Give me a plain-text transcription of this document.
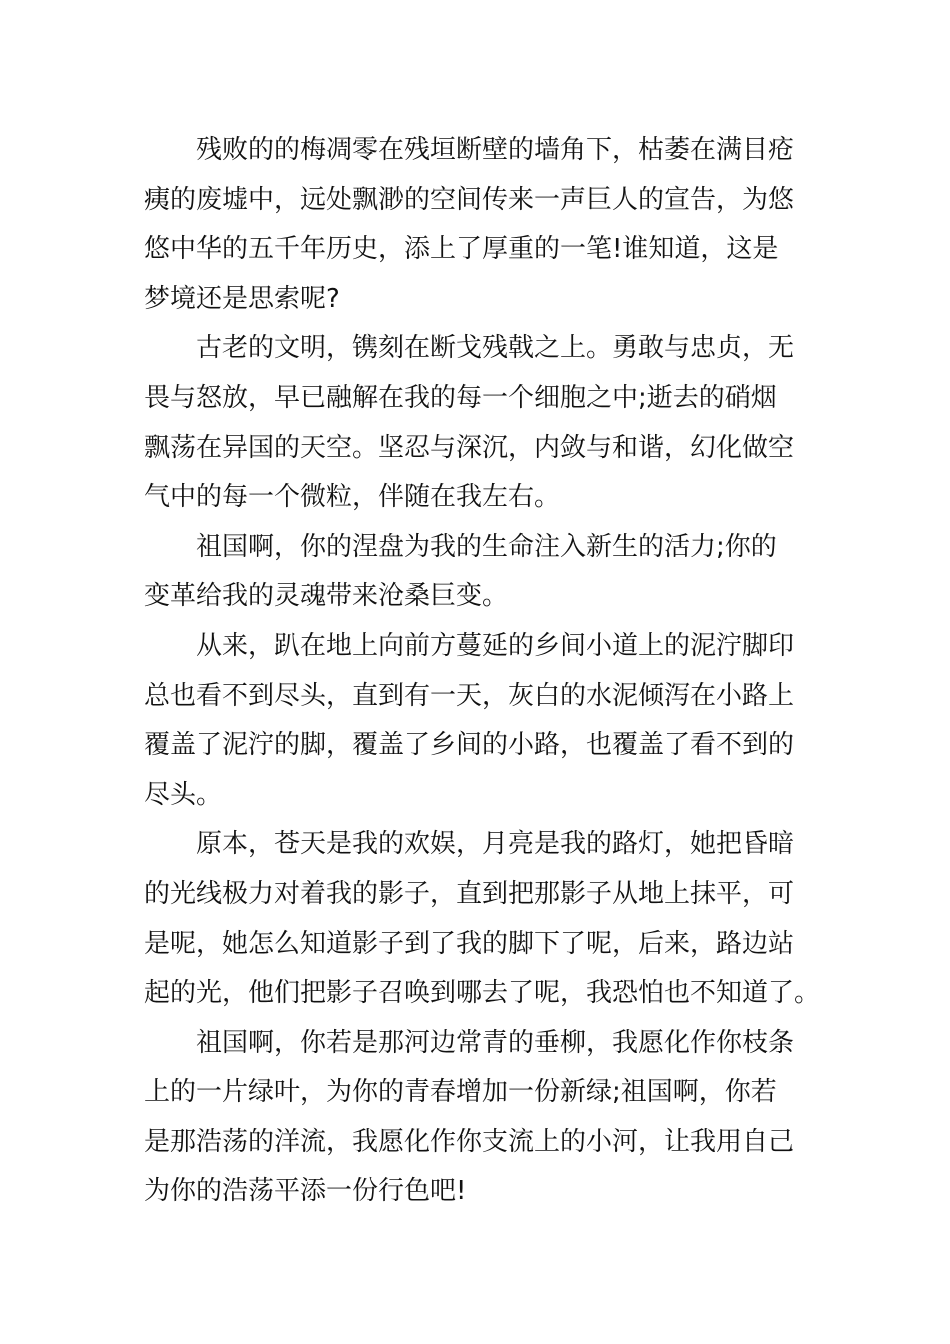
残败的的梅凋零在残垣断壁的墙角下，枯萎在满目疮
痍的废墟中，远处飘渺的空间传来一声巨人的宣告，为悠
悠中华的五千年历史，添上了厚重的一笔!谁知道，这是
梦境还是思索呢?
古老的文明，镌刻在断戈残戟之上。勇敢与忠贞，无
畏与怒放，早已融解在我的每一个细胞之中;逝去的硝烟
飘荡在异国的天空。坚忍与深沉，内敛与和谐，幻化做空
气中的每一个微粒，伴随在我左右。
祖国啊，你的涅盘为我的生命注入新生的活力;你的
变革给我的灵魂带来沧桑巨变。
从来，趴在地上向前方蔓延的乡间小道上的泥泞脚印
总也看不到尽头，直到有一天，灰白的水泥倾泻在小路上
覆盖了泥泞的脚，覆盖了乡间的小路，也覆盖了看不到的
尽头。
原本，苍天是我的欢娱，月亮是我的路灯，她把昏暗
的光线极力对着我的影子，直到把那影子从地上抹平，可
是呢，她怎么知道影子到了我的脚下了呢，后来，路边站
起的光，他们把影子召唤到哪去了呢，我恐怕也不知道了。
祖国啊，你若是那河边常青的垂柳，我愿化作你枝条
上的一片绿叶，为你的青春增加一份新绿;祖国啊，你若
是那浩荡的洋流，我愿化作你支流上的小河，让我用自己
为你的浩荡平添一份行色吧!
